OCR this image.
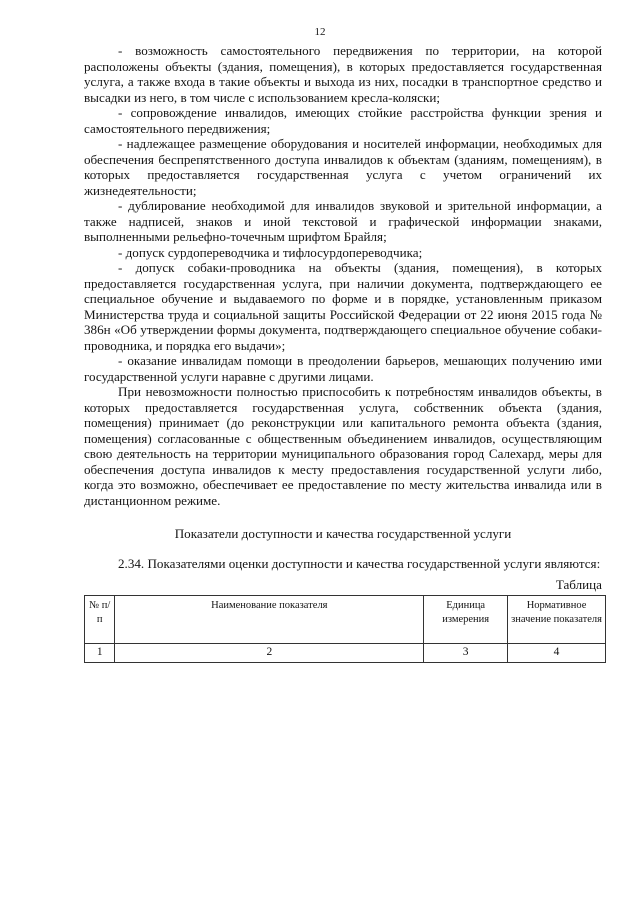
12

- возможность самостоятельного передвижения по территории, на которой расположены объекты (здания, помещения), в которых предоставляется государственная услуга, а также входа в такие объекты и выхода из них, посадки в транспортное средство и высадки из него, в том числе с использованием кресла-коляски;

- сопровождение инвалидов, имеющих стойкие расстройства функции зрения и самостоятельного передвижения;

- надлежащее размещение оборудования и носителей информации, необходимых для обеспечения беспрепятственного доступа инвалидов к объектам (зданиям, помещениям), в которых предоставляется государственная услуга с учетом ограничений их жизнедеятельности;

- дублирование необходимой для инвалидов звуковой и зрительной информации, а также надписей, знаков и иной текстовой и графической информации знаками, выполненными рельефно-точечным шрифтом Брайля;

- допуск сурдопереводчика и тифлосурдопереводчика;

- допуск собаки-проводника на объекты (здания, помещения), в которых предоставляется государственная услуга, при наличии документа, подтверждающего ее специальное обучение и выдаваемого по форме и в порядке, установленным приказом Министерства труда и социальной защиты Российской Федерации от 22 июня 2015 года № 386н «Об утверждении формы документа, подтверждающего специальное обучение собаки-проводника, и порядка его выдачи»;

- оказание инвалидам помощи в преодолении барьеров, мешающих получению ими государственной услуги наравне с другими лицами.

При невозможности полностью приспособить к потребностям инвалидов объекты, в которых предоставляется государственная услуга, собственник объекта (здания, помещения) принимает (до реконструкции или капитального ремонта объекта (здания, помещения) согласованные с общественным объединением инвалидов, осуществляющим свою деятельность на территории муниципального образования город Салехард, меры для обеспечения доступа инвалидов к месту предоставления государственной услуги либо, когда это возможно, обеспечивает ее предоставление по месту жительства инвалида или в дистанционном режиме.

Показатели доступности и качества государственной услуги

2.34. Показателями оценки доступности и качества государственной услуги являются:

Таблица

№ п/п	Наименование показателя	Единица измерения	Нормативное значение показателя
1	2	3	4
